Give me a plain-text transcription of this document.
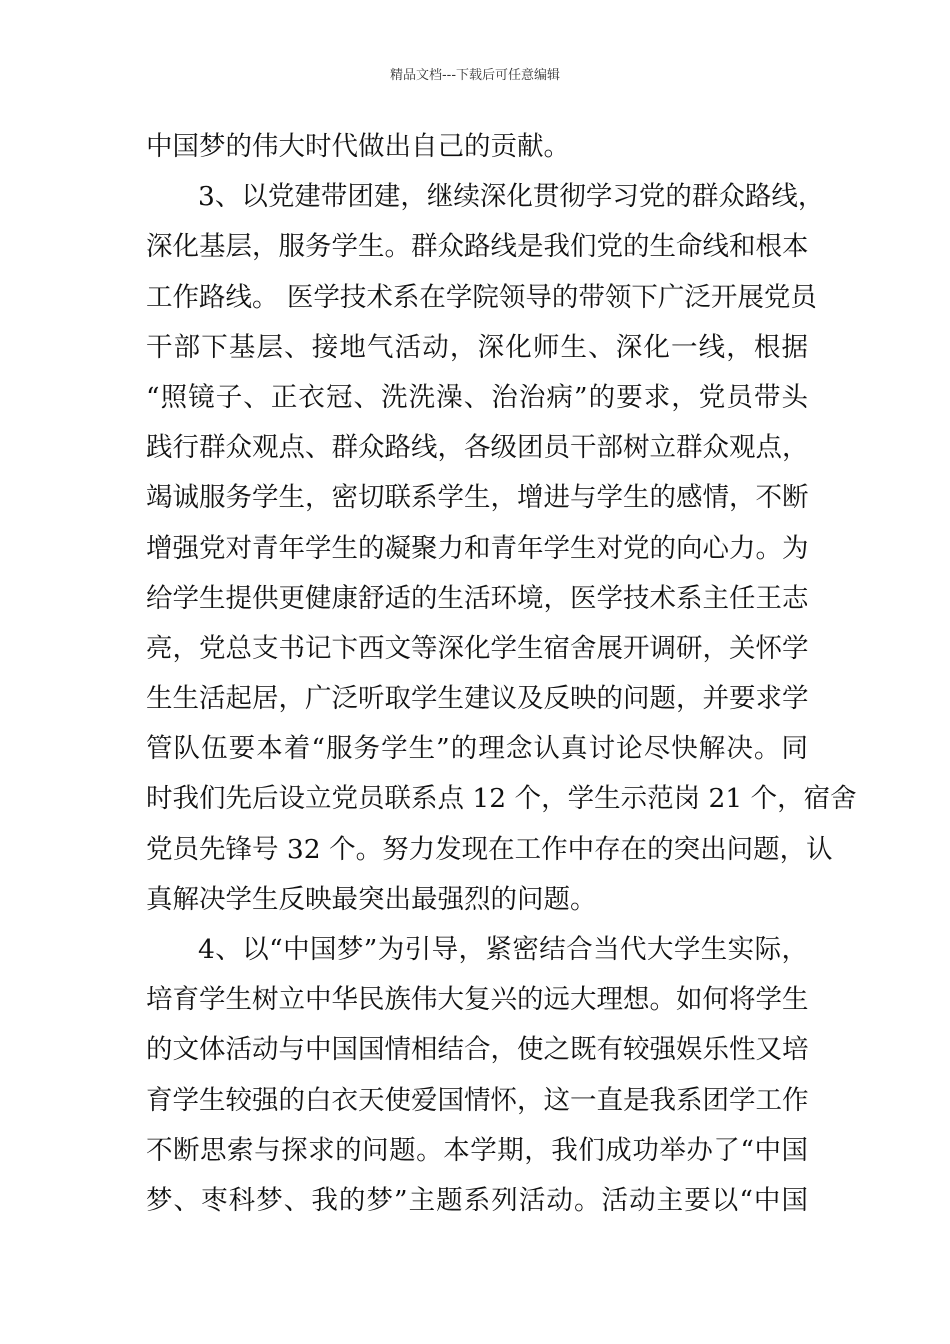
精品文档---下载后可任意编辑
中国梦的伟大时代做出自己的贡献。
3、以党建带团建，继续深化贯彻学习党的群众路线，
深化基层，服务学生。群众路线是我们党的生命线和根本
工作路线。 医学技术系在学院领导的带领下广泛开展党员
干部下基层、接地气活动，深化师生、深化一线，根据
“照镜子、正衣冠、洗洗澡、治治病”的要求，党员带头
践行群众观点、群众路线，各级团员干部树立群众观点，
竭诚服务学生，密切联系学生，增进与学生的感情，不断
增强党对青年学生的凝聚力和青年学生对党的向心力。为
给学生提供更健康舒适的生活环境，医学技术系主任王志
亮，党总支书记卞西文等深化学生宿舍展开调研，关怀学
生生活起居，广泛听取学生建议及反映的问题，并要求学
管队伍要本着“服务学生”的理念认真讨论尽快解决。同
时我们先后设立党员联系点 12 个，学生示范岗 21 个，宿舍
党员先锋号 32 个。努力发现在工作中存在的突出问题，认
真解决学生反映最突出最强烈的问题。
4、以“中国梦”为引导，紧密结合当代大学生实际，
培育学生树立中华民族伟大复兴的远大理想。如何将学生
的文体活动与中国国情相结合，使之既有较强娱乐性又培
育学生较强的白衣天使爱国情怀，这一直是我系团学工作
不断思索与探求的问题。本学期，我们成功举办了“中国
梦、枣科梦、我的梦”主题系列活动。活动主要以“中国
